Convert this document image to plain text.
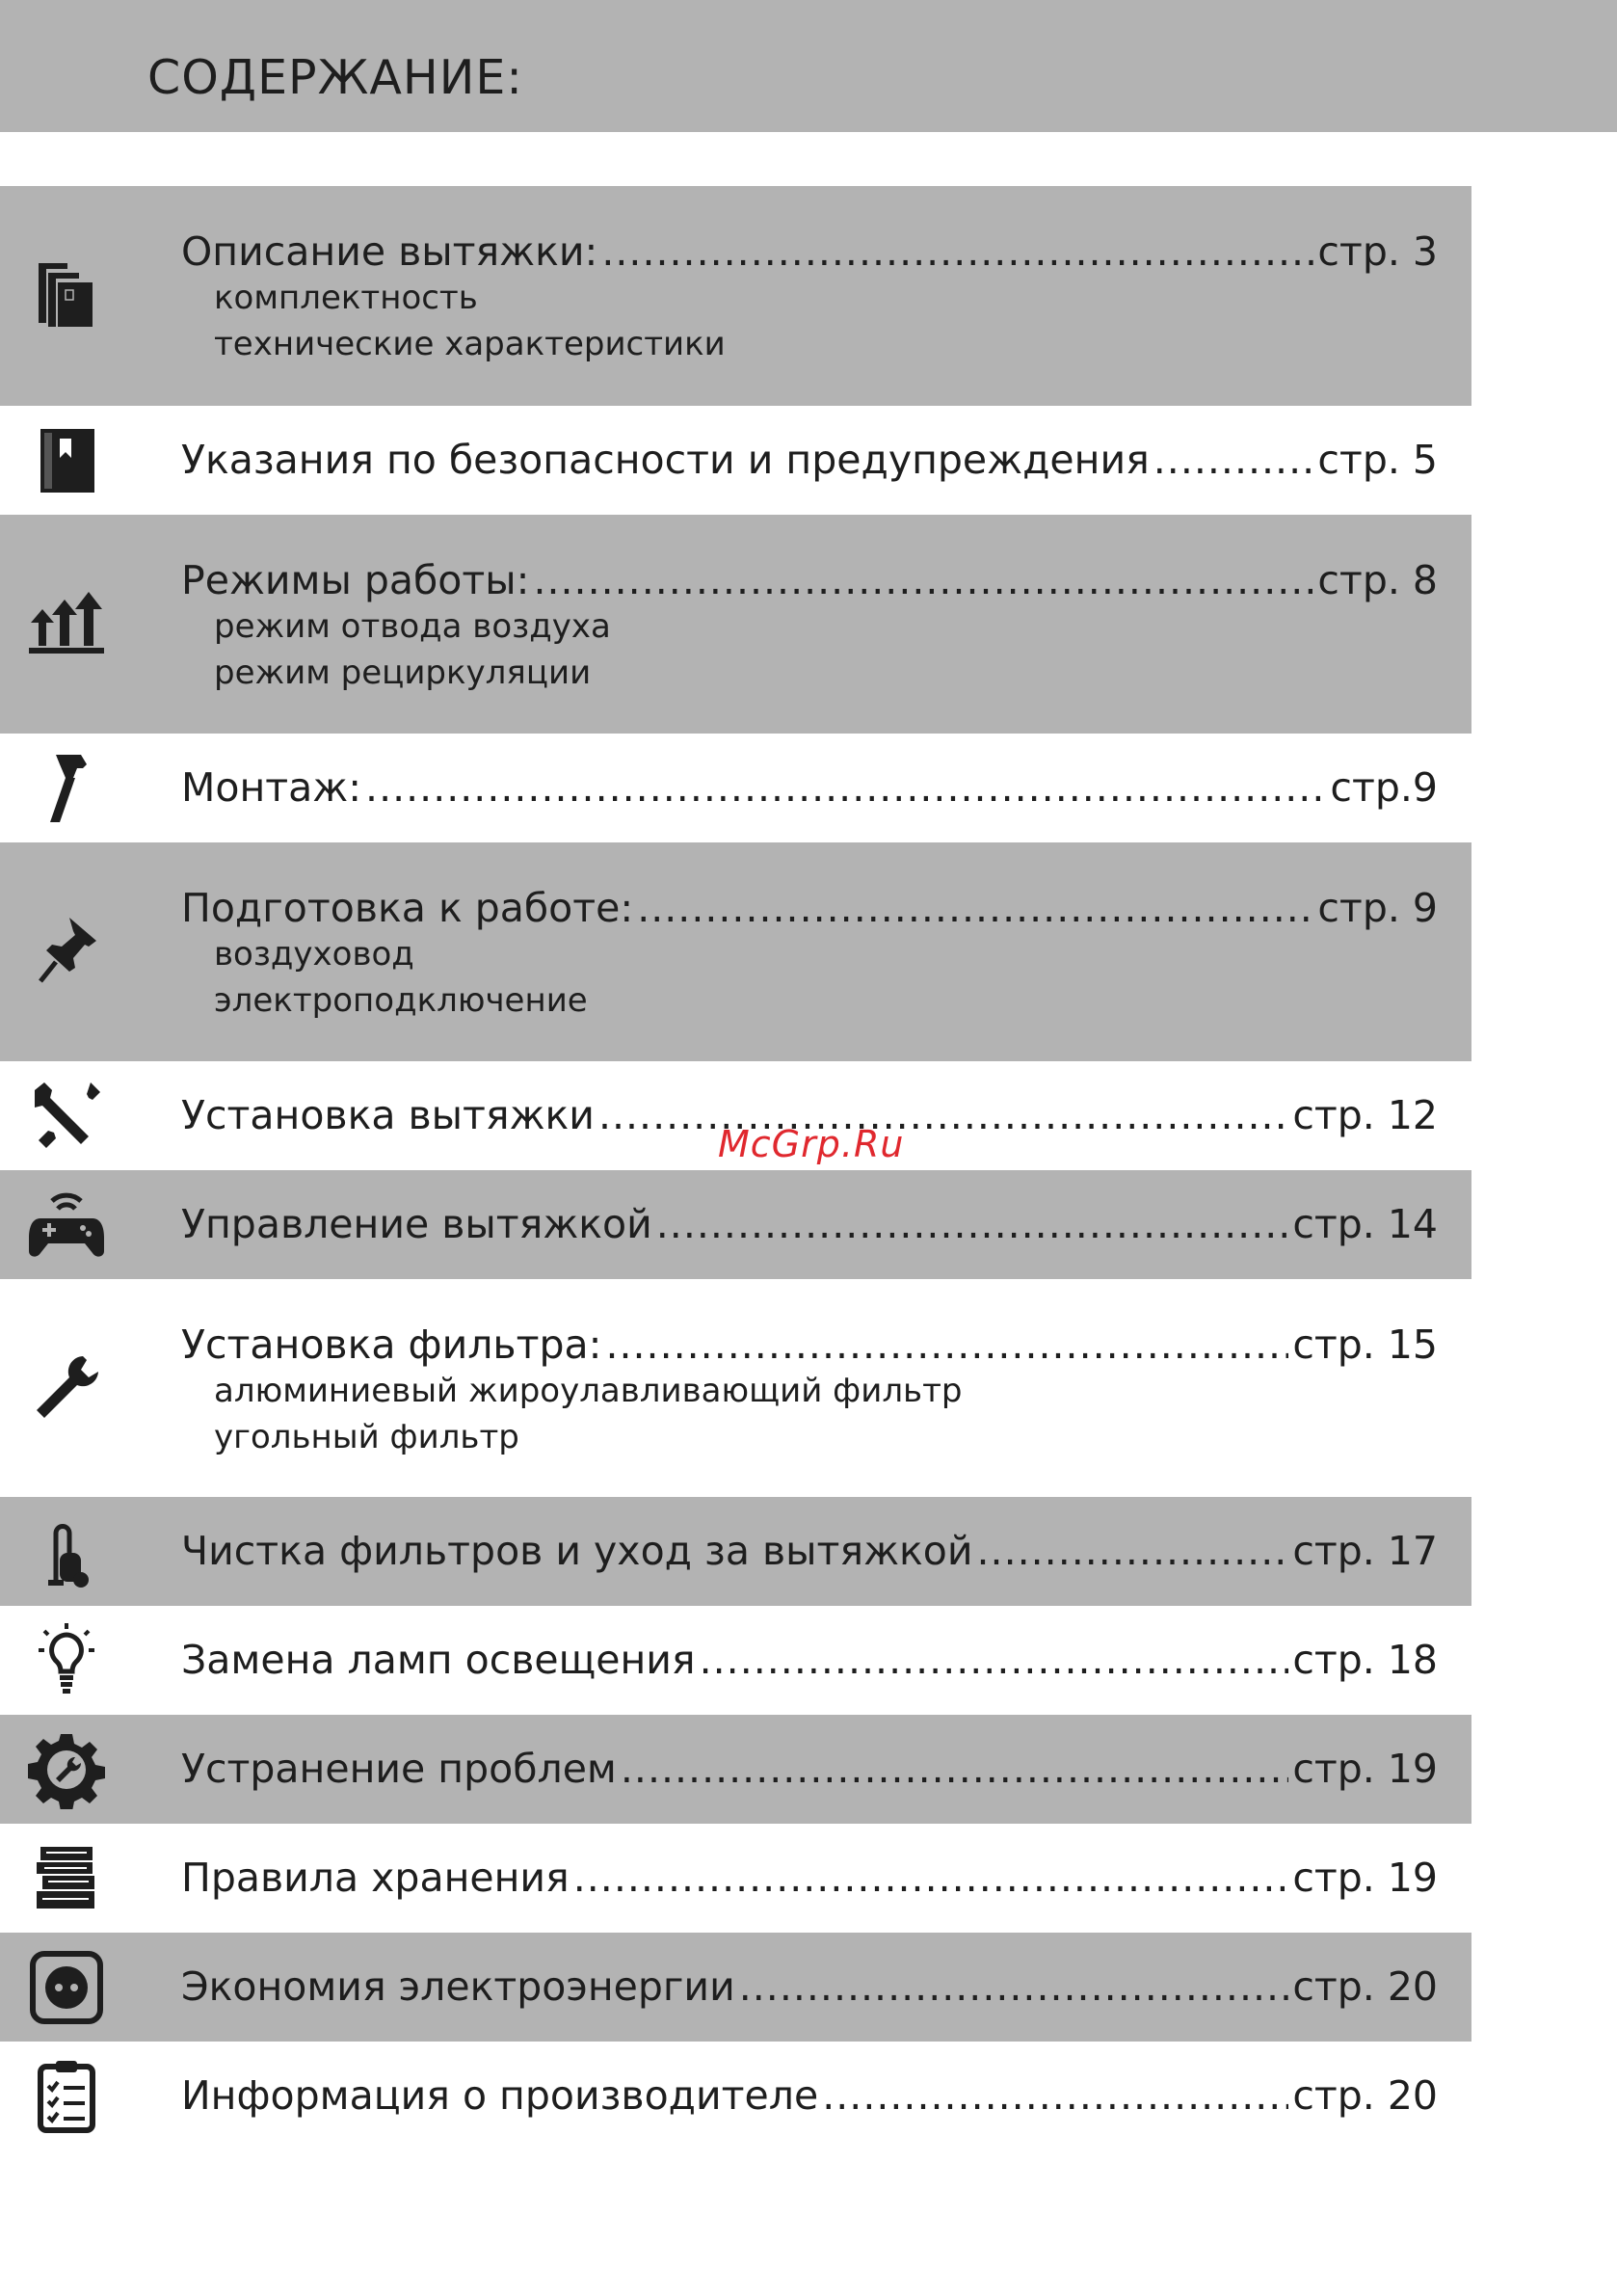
СОДЕРЖАНИЕ:
Описание вытяжки: .....	стр. 3
комплектность
технические характеристики
Указания по безопасности и предупреждения .....	стр. 5
Режимы работы: .....	стр. 8
режим отвода воздуха
режим рециркуляции
Монтаж: .....	стр.9
Подготовка к работе: .....	стр. 9
воздуховод
электроподключение
Установка вытяжки .....	стр. 12
Управление вытяжкой .....	стр. 14
Установка фильтра: .....	стр. 15
алюминиевый жироулавливающий фильтр
угольный фильтр
Чистка фильтров и уход за вытяжкой .....	стр. 17
Замена ламп освещения .....	стр. 18
Устранение проблем .....	стр. 19
Правила хранения .....	стр. 19
Экономия электроэнергии .....	стр. 20
Информация о производителе .....	стр. 20
McGrp.Ru
